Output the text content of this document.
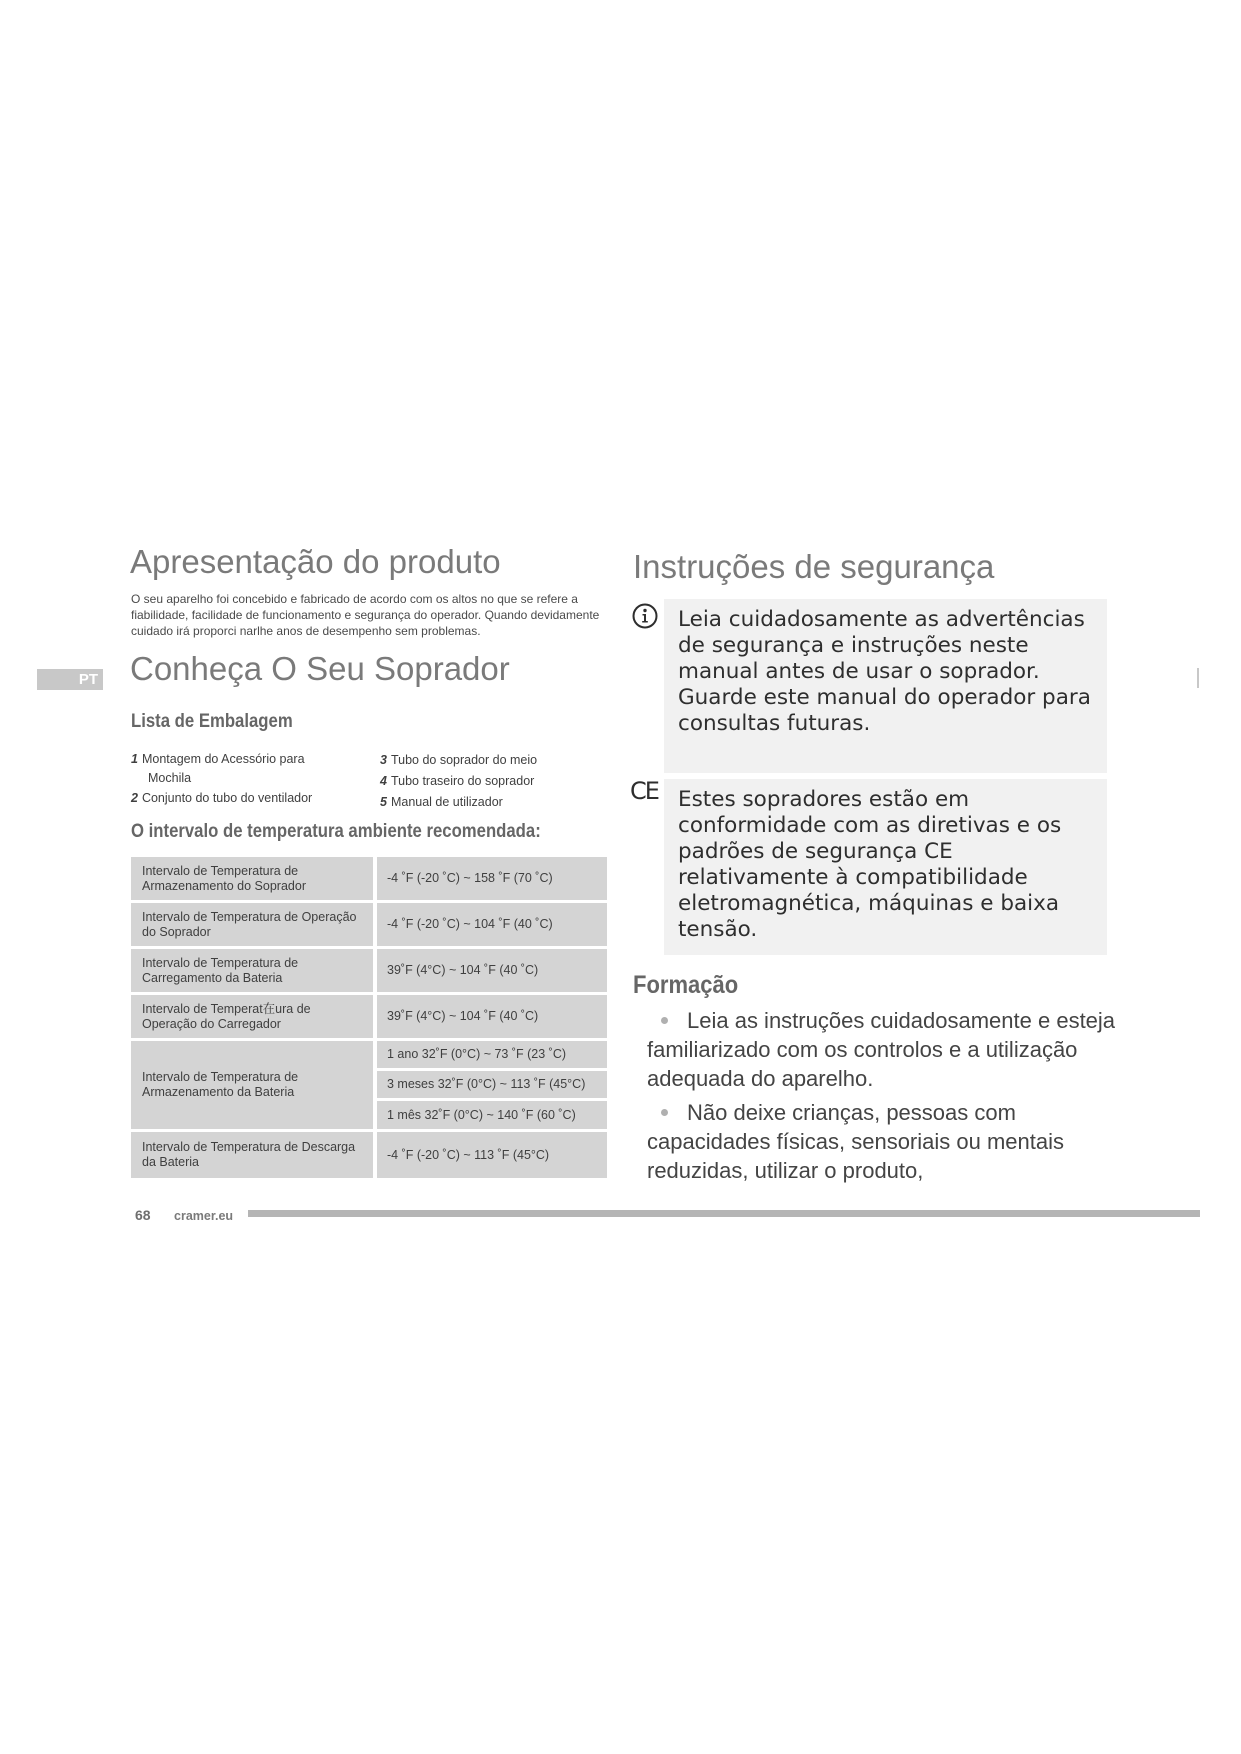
PT
Apresentação do produto
O seu aparelho foi concebido e fabricado de acordo com os altos no que se refere a fiabilidade, facilidade de funcionamento e segurança do operador. Quando devidamente cuidado irá proporci narlhe anos de desempenho sem problemas.
Conheça O Seu Soprador
Lista de Embalagem
1 Montagem do Acessório para
Mochila
2 Conjunto do tubo do ventilador
3 Tubo do soprador do meio
4 Tubo traseiro do soprador
5 Manual de utilizador
O intervalo de temperatura ambiente recomendada:
Intervalo de Temperatura de Armazenamento do Soprador
-4 ˚F (-20 ˚C) ~ 158 ˚F (70 ˚C)
Intervalo de Temperatura de Operação do Soprador
-4 ˚F (-20 ˚C) ~ 104 ˚F (40 ˚C)
Intervalo de Temperatura de Carregamento da Bateria
39˚F (4°C) ~ 104 ˚F (40 ˚C)
Intervalo de Temperat在ura de Operação do Carregador
39˚F (4°C) ~ 104 ˚F (40 ˚C)
Intervalo de Temperatura de Armazenamento da Bateria
1 ano 32˚F (0°C) ~ 73 ˚F (23 ˚C)
3 meses 32˚F (0°C) ~ 113 ˚F (45°C)
1 mês 32˚F (0°C) ~ 140 ˚F (60 ˚C)
Intervalo de Temperatura de Descarga da Bateria
-4 ˚F (-20 ˚C) ~ 113 ˚F (45°C)
Instruções de segurança
Leia cuidadosamente as advertências de segurança e instruções neste manual antes de usar o soprador. Guarde este manual do operador para consultas futuras.
CE Estes sopradores estão em conformidade com as diretivas e os padrões de segurança CE relativamente à compatibilidade eletromagnética, máquinas e baixa tensão.
Formação
Leia as instruções cuidadosamente e esteja familiarizado com os controlos e a utilização adequada do aparelho.
Não deixe crianças, pessoas com capacidades físicas, sensoriais ou mentais reduzidas, utilizar o produto,
68 cramer.eu
